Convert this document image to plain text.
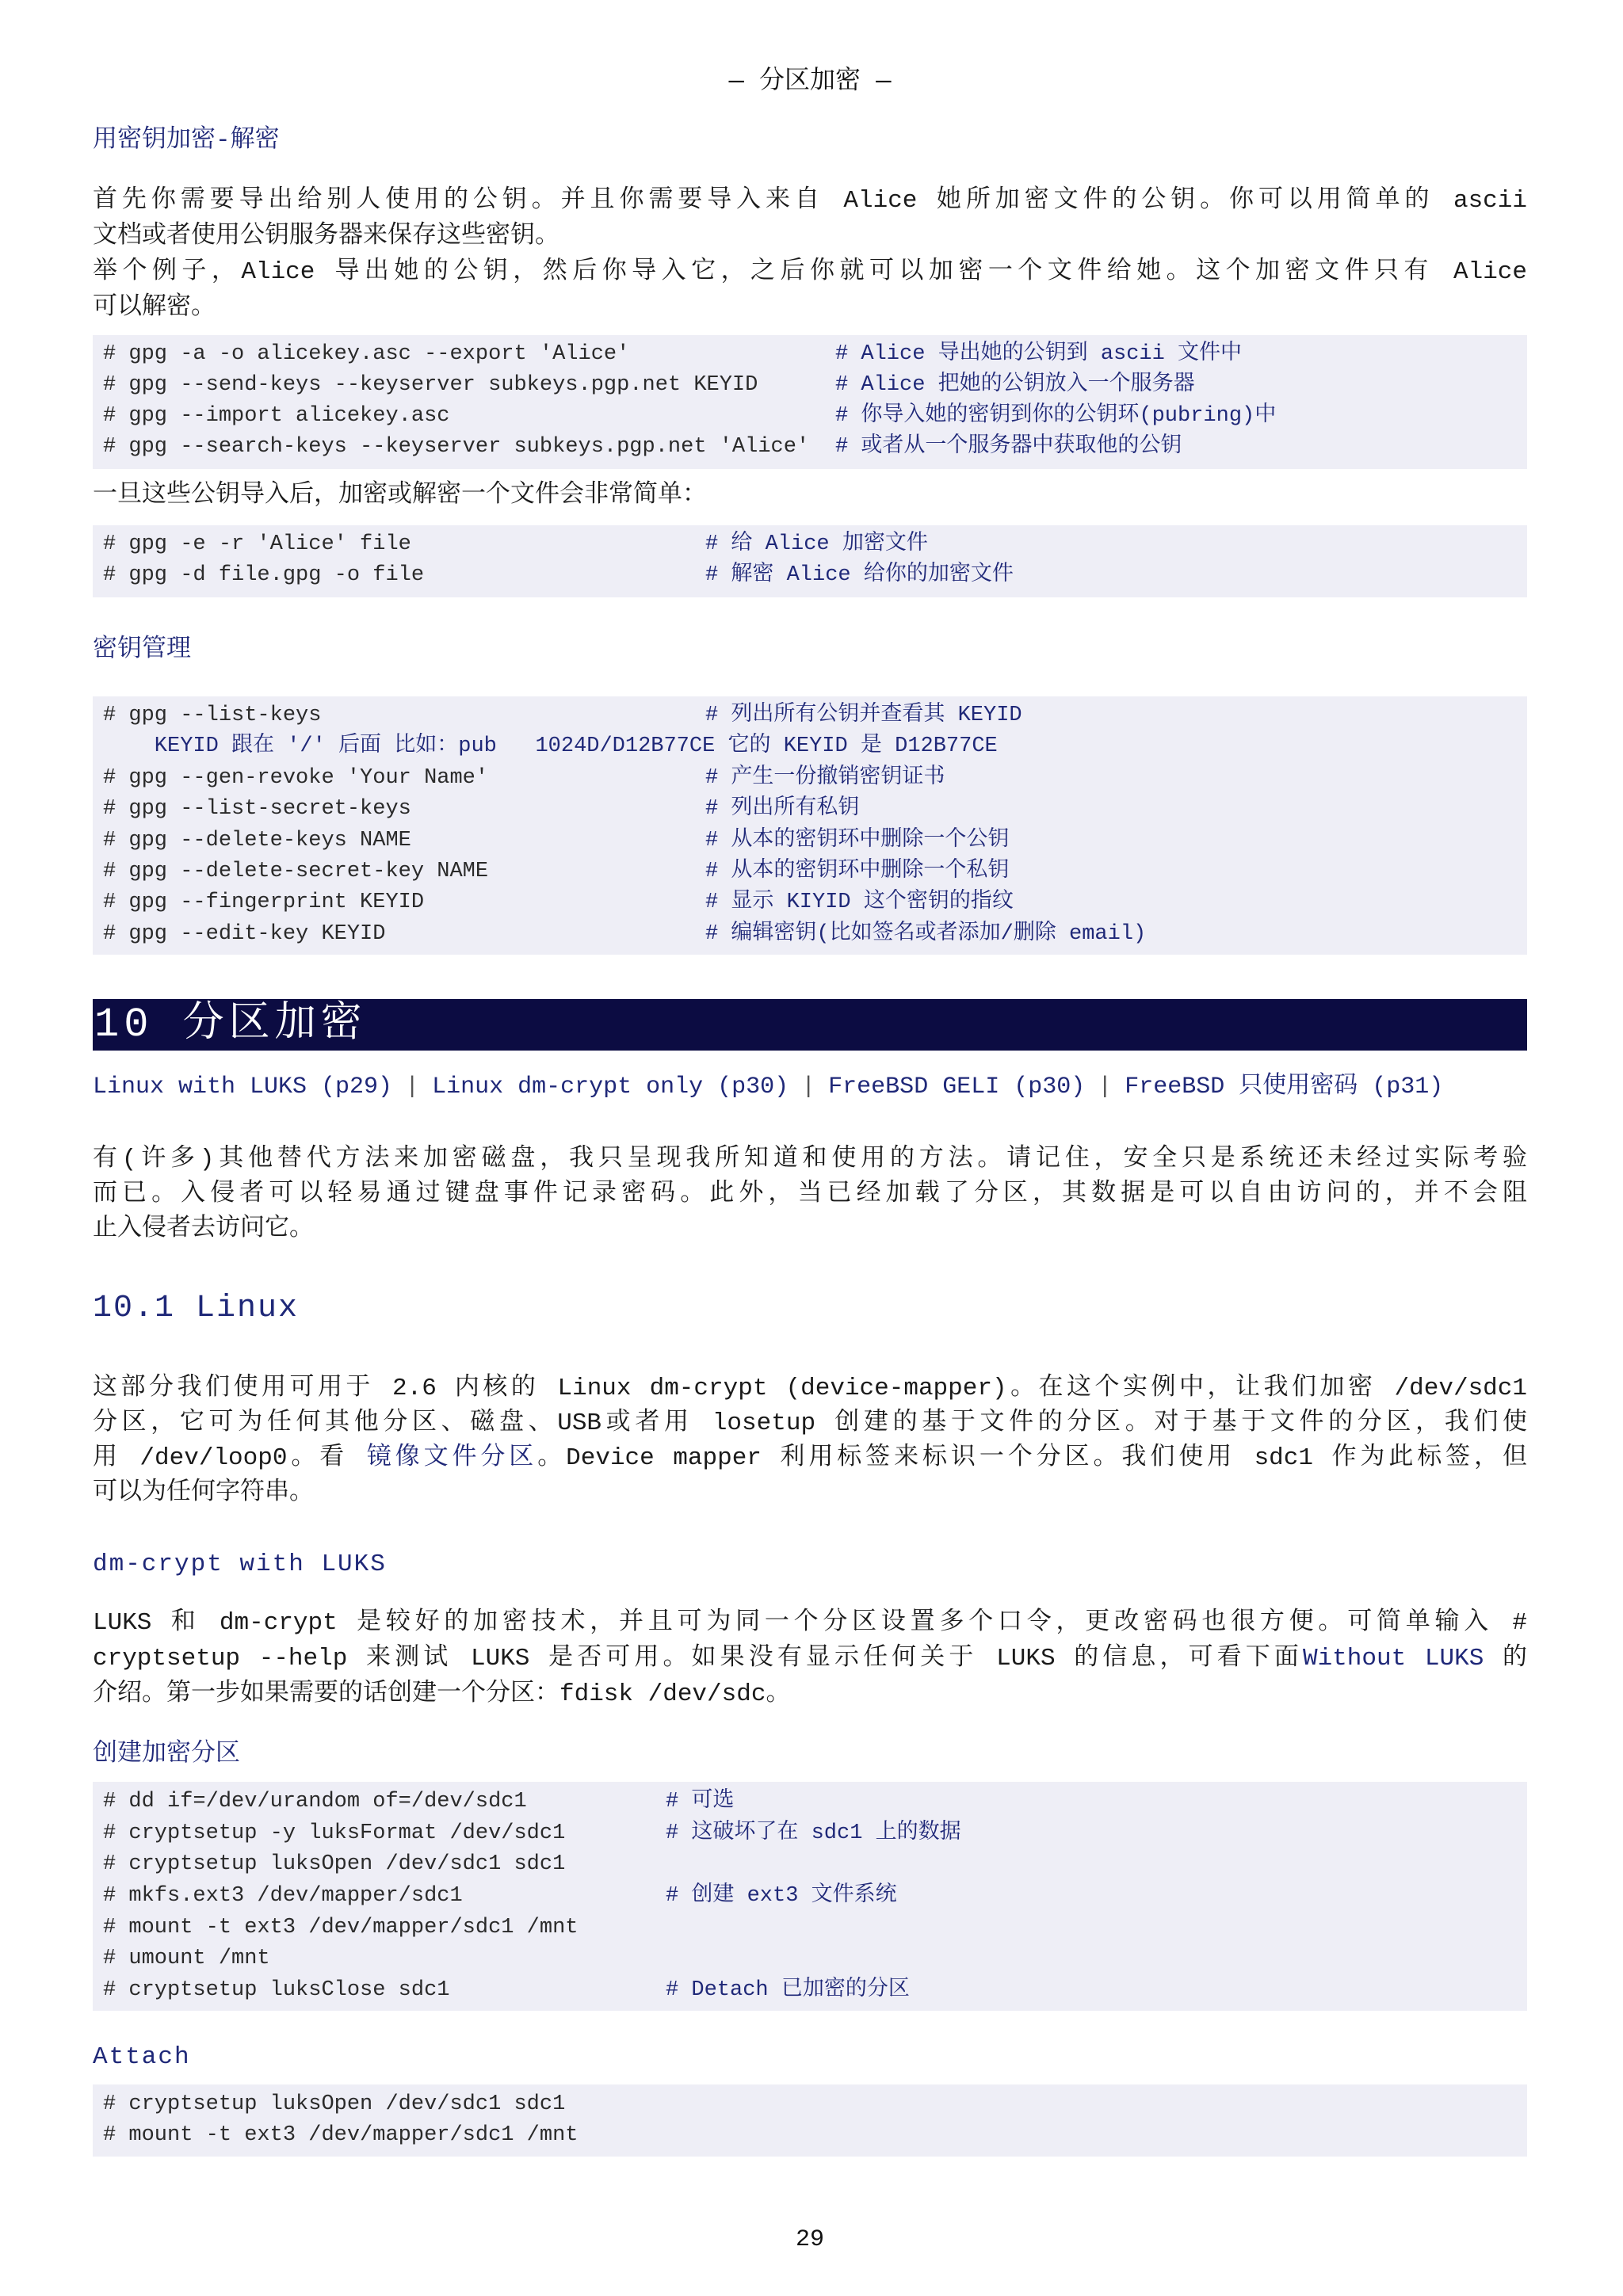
— 分区加密 —
用密钥加密-解密
首先你需要导出给别人使用的公钥。并且你需要导入来自 Alice 她所加密文件的公钥。你可以用简单的 ascii
文档或者使用公钥服务器来保存这些密钥。
举个例子，Alice 导出她的公钥，然后你导入它，之后你就可以加密一个文件给她。这个加密文件只有 Alice
可以解密。
# gpg -a -o alicekey.asc --export 'Alice'	# Alice 导出她的公钥到 ascii 文件中
# gpg --send-keys --keyserver subkeys.pgp.net KEYID	# Alice 把她的公钥放入一个服务器
# gpg --import alicekey.asc	# 你导入她的密钥到你的公钥环(pubring)中
# gpg --search-keys --keyserver subkeys.pgp.net 'Alice' # 或者从一个服务器中获取他的公钥
一旦这些公钥导入后，加密或解密一个文件会非常简单：
# gpg -e -r 'Alice' file	# 给 Alice 加密文件
# gpg -d file.gpg -o file	# 解密 Alice 给你的加密文件
密钥管理
# gpg --list-keys	# 列出所有公钥并查看其 KEYID
KEYID 跟在 '/' 后面 比如：pub   1024D/D12B77CE 它的 KEYID 是 D12B77CE
# gpg --gen-revoke 'Your Name'	# 产生一份撤销密钥证书
# gpg --list-secret-keys	# 列出所有私钥
# gpg --delete-keys NAME	# 从本的密钥环中删除一个公钥
# gpg --delete-secret-key NAME	# 从本的密钥环中删除一个私钥
# gpg --fingerprint KEYID	# 显示 KIYID 这个密钥的指纹
# gpg --edit-key KEYID	# 编辑密钥(比如签名或者添加/删除 email)
10 分区加密
Linux with LUKS (p29) | Linux dm-crypt only (p30) | FreeBSD GELI (p30) | FreeBSD 只使用密码 (p31)
有(许多)其他替代方法来加密磁盘，我只呈现我所知道和使用的方法。请记住，安全只是系统还未经过实际考验
而已。入侵者可以轻易通过键盘事件记录密码。此外，当已经加载了分区，其数据是可以自由访问的，并不会阻
止入侵者去访问它。
10.1 Linux
这部分我们使用可用于 2.6 内核的 Linux dm-crypt (device-mapper)。在这个实例中，让我们加密 /dev/sdc1
分区，它可为任何其他分区、磁盘、USB或者用 losetup 创建的基于文件的分区。对于基于文件的分区，我们使
用 /dev/loop0。看 镜像文件分区。Device mapper 利用标签来标识一个分区。我们使用 sdc1 作为此标签，但
可以为任何字符串。
dm-crypt with LUKS
LUKS 和 dm-crypt 是较好的加密技术，并且可为同一个分区设置多个口令，更改密码也很方便。可简单输入 #
cryptsetup --help 来测试 LUKS 是否可用。如果没有显示任何关于 LUKS 的信息，可看下面Without LUKS 的
介绍。第一步如果需要的话创建一个分区：fdisk /dev/sdc。
创建加密分区
# dd if=/dev/urandom of=/dev/sdc1	# 可选
# cryptsetup -y luksFormat /dev/sdc1	# 这破坏了在 sdc1 上的数据
# cryptsetup luksOpen /dev/sdc1 sdc1
# mkfs.ext3 /dev/mapper/sdc1	# 创建 ext3 文件系统
# mount -t ext3 /dev/mapper/sdc1 /mnt
# umount /mnt
# cryptsetup luksClose sdc1	# Detach 已加密的分区
Attach
# cryptsetup luksOpen /dev/sdc1 sdc1
# mount -t ext3 /dev/mapper/sdc1 /mnt
29
